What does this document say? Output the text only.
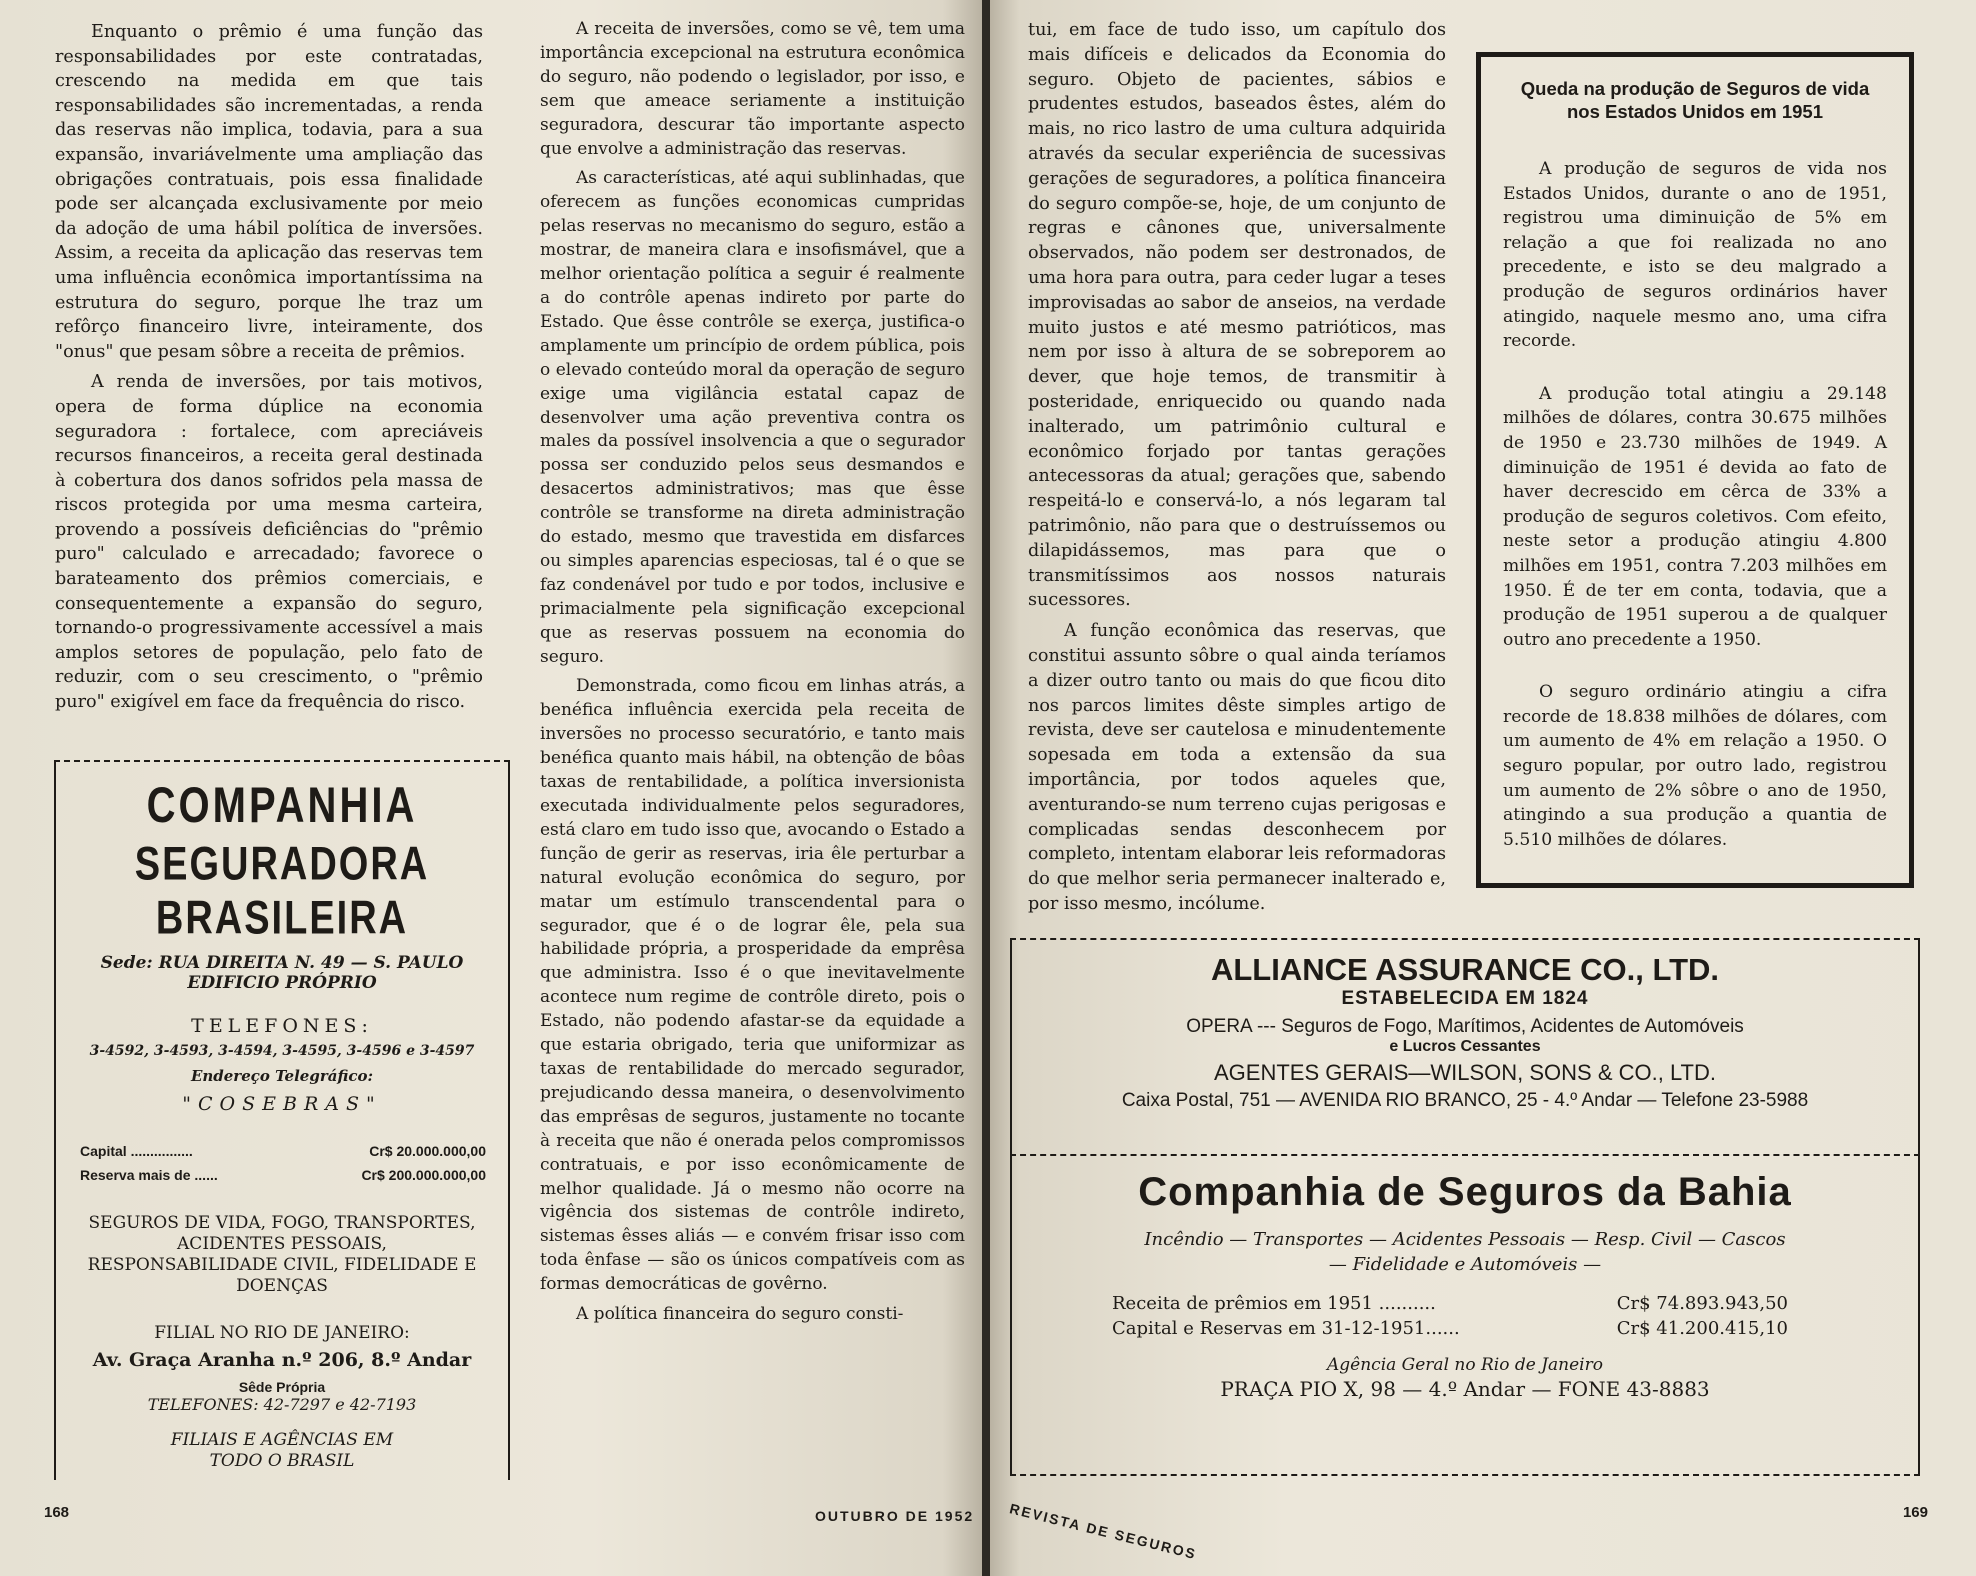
Enquanto o prêmio é uma função das responsabilidades por este contratadas, crescendo na medida em que tais responsabilidades são incrementadas, a renda das reservas não implica, todavia, para a sua expansão, invariávelmente uma ampliação das obrigações contratuais, pois essa finalidade pode ser alcançada exclusivamente por meio da adoção de uma hábil política de inversões. Assim, a receita da aplicação das reservas tem uma influência econômica importantíssima na estrutura do seguro, porque lhe traz um refôrço financeiro livre, inteiramente, dos "onus" que pesam sôbre a receita de prêmios.

A renda de inversões, por tais motivos, opera de forma dúplice na economia seguradora : fortalece, com apreciáveis recursos financeiros, a receita geral destinada à cobertura dos danos sofridos pela massa de riscos protegida por uma mesma carteira, provendo a possíveis deficiências do "prêmio puro" calculado e arrecadado; favorece o barateamento dos prêmios comerciais, e consequentemente a expansão do seguro, tornando-o progressivamente accessível a mais amplos setores de população, pelo fato de reduzir, com o seu crescimento, o "prêmio puro" exigível em face da frequência do risco.

COMPANHIA
SEGURADORA BRASILEIRA
Sede: RUA DIREITA N. 49 — S. PAULO
EDIFICIO PRÓPRIO
TELEFONES:
3-4592, 3-4593, 3-4594, 3-4595, 3-4596 e 3-4597
Endereço Telegráfico:
"COSEBRAS"
Capital ................	Cr$ 20.000.000,00
Reserva mais de ......	Cr$ 200.000.000,00
SEGUROS DE VIDA, FOGO, TRANSPORTES, ACIDENTES PESSOAIS, RESPONSABILIDADE CIVIL, FIDELIDADE E DOENÇAS
FILIAL NO RIO DE JANEIRO:
Av. Graça Aranha n.º 206, 8.º Andar
Sêde Própria
TELEFONES: 42-7297 e 42-7193
FILIAIS E AGÊNCIAS EM TODO O BRASIL

A receita de inversões, como se vê, tem uma importância excepcional na estrutura econômica do seguro, não podendo o legislador, por isso, e sem que ameace seriamente a instituição seguradora, descurar tão importante aspecto que envolve a administração das reservas.

As características, até aqui sublinhadas, que oferecem as funções economicas cumpridas pelas reservas no mecanismo do seguro, estão a mostrar, de maneira clara e insofismável, que a melhor orientação política a seguir é realmente a do contrôle apenas indireto por parte do Estado. Que êsse contrôle se exerça, justifica-o amplamente um princípio de ordem pública, pois o elevado conteúdo moral da operação de seguro exige uma vigilância estatal capaz de desenvolver uma ação preventiva contra os males da possível insolvencia a que o segurador possa ser conduzido pelos seus desmandos e desacertos administrativos; mas que êsse contrôle se transforme na direta administração do estado, mesmo que travestida em disfarces ou simples aparencias especiosas, tal é o que se faz condenável por tudo e por todos, inclusive e primacialmente pela significação excepcional que as reservas possuem na economia do seguro.

Demonstrada, como ficou em linhas atrás, a benéfica influência exercida pela receita de inversões no processo securatório, e tanto mais benéfica quanto mais hábil, na obtenção de bôas taxas de rentabilidade, a política inversionista executada individualmente pelos seguradores, está claro em tudo isso que, avocando o Estado a função de gerir as reservas, iria êle perturbar a natural evolução econômica do seguro, por matar um estímulo transcendental para o segurador, que é o de lograr êle, pela sua habilidade própria, a prosperidade da emprêsa que administra. Isso é o que inevitavelmente acontece num regime de contrôle direto, pois o Estado, não podendo afastar-se da equidade a que estaria obrigado, teria que uniformizar as taxas de rentabilidade do mercado segurador, prejudicando dessa maneira, o desenvolvimento das emprêsas de seguros, justamente no tocante à receita que não é onerada pelos compromissos contratuais, e por isso econômicamente de melhor qualidade. Já o mesmo não ocorre na vigência dos sistemas de contrôle indireto, sistemas êsses aliás — e convém frisar isso com toda ênfase — são os únicos compatíveis com as formas democráticas de govêrno.

A política financeira do seguro consti-

168	OUTUBRO DE 1952

tui, em face de tudo isso, um capítulo dos mais difíceis e delicados da Economia do seguro. Objeto de pacientes, sábios e prudentes estudos, baseados êstes, além do mais, no rico lastro de uma cultura adquirida através da secular experiência de sucessivas gerações de seguradores, a política financeira do seguro compõe-se, hoje, de um conjunto de regras e cânones que, universalmente observados, não podem ser destronados, de uma hora para outra, para ceder lugar a teses improvisadas ao sabor de anseios, na verdade muito justos e até mesmo patrióticos, mas nem por isso à altura de se sobreporem ao dever, que hoje temos, de transmitir à posteridade, enriquecido ou quando nada inalterado, um patrimônio cultural e econômico forjado por tantas gerações antecessoras da atual; gerações que, sabendo respeitá-lo e conservá-lo, a nós legaram tal patrimônio, não para que o destruíssemos ou dilapidássemos, mas para que o transmitíssimos aos nossos naturais sucessores.

A função econômica das reservas, que constitui assunto sôbre o qual ainda teríamos a dizer outro tanto ou mais do que ficou dito nos parcos limites dêste simples artigo de revista, deve ser cautelosa e minudentemente sopesada em toda a extensão da sua importância, por todos aqueles que, aventurando-se num terreno cujas perigosas e complicadas sendas desconhecem por completo, intentam elaborar leis reformadoras do que melhor seria permanecer inalterado e, por isso mesmo, incólume.

Queda na produção de Seguros de vida nos Estados Unidos em 1951

A produção de seguros de vida nos Estados Unidos, durante o ano de 1951, registrou uma diminuição de 5% em relação a que foi realizada no ano precedente, e isto se deu malgrado a produção de seguros ordinários haver atingido, naquele mesmo ano, uma cifra recorde.

A produção total atingiu a 29.148 milhões de dólares, contra 30.675 milhões de 1950 e 23.730 milhões de 1949. A diminuição de 1951 é devida ao fato de haver decrescido em cêrca de 33% a produção de seguros coletivos. Com efeito, neste setor a produção atingiu 4.800 milhões em 1951, contra 7.203 milhões em 1950. É de ter em conta, todavia, que a produção de 1951 superou a de qualquer outro ano precedente a 1950.

O seguro ordinário atingiu a cifra recorde de 18.838 milhões de dólares, com um aumento de 4% em relação a 1950. O seguro popular, por outro lado, registrou um aumento de 2% sôbre o ano de 1950, atingindo a sua produção a quantia de 5.510 milhões de dólares.

ALLIANCE ASSURANCE CO., LTD.
ESTABELECIDA EM 1824
OPERA --- Seguros de Fogo, Marítimos, Acidentes de Automóveis
e Lucros Cessantes
AGENTES GERAIS—WILSON, SONS & CO., LTD.
Caixa Postal, 751 — AVENIDA RIO BRANCO, 25 - 4.º Andar — Telefone 23-5988
Companhia de Seguros da Bahia
Incêndio — Transportes — Acidentes Pessoais — Resp. Civil — Cascos
— Fidelidade e Automóveis —
Receita de prêmios em 1951 ..........	Cr$ 74.893.943,50
Capital e Reservas em 31-12-1951......	Cr$ 41.200.415,10
Agência Geral no Rio de Janeiro
PRAÇA PIO X, 98 — 4.º Andar — FONE 43-8883
REVISTA DE SEGUROS	169
